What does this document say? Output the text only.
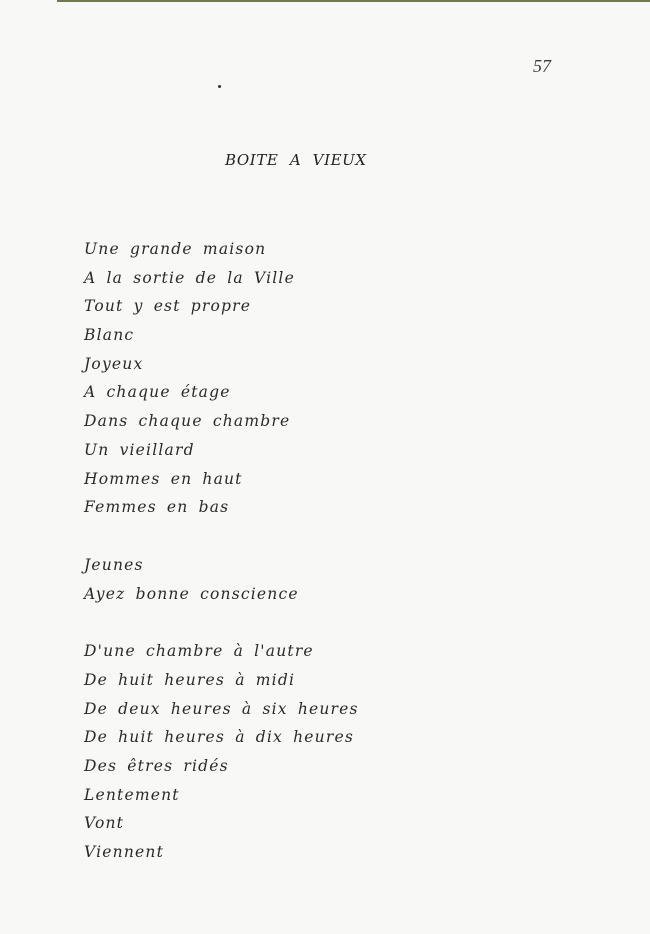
57
BOITE A VIEUX
Une grande maison
A la sortie de la Ville
Tout y est propre
Blanc
Joyeux
A chaque étage
Dans chaque chambre
Un vieillard
Hommes en haut
Femmes en bas
Jeunes
Ayez bonne conscience
D'une chambre à l'autre
De huit heures à midi
De deux heures à six heures
De huit heures à dix heures
Des êtres ridés
Lentement
Vont
Viennent
